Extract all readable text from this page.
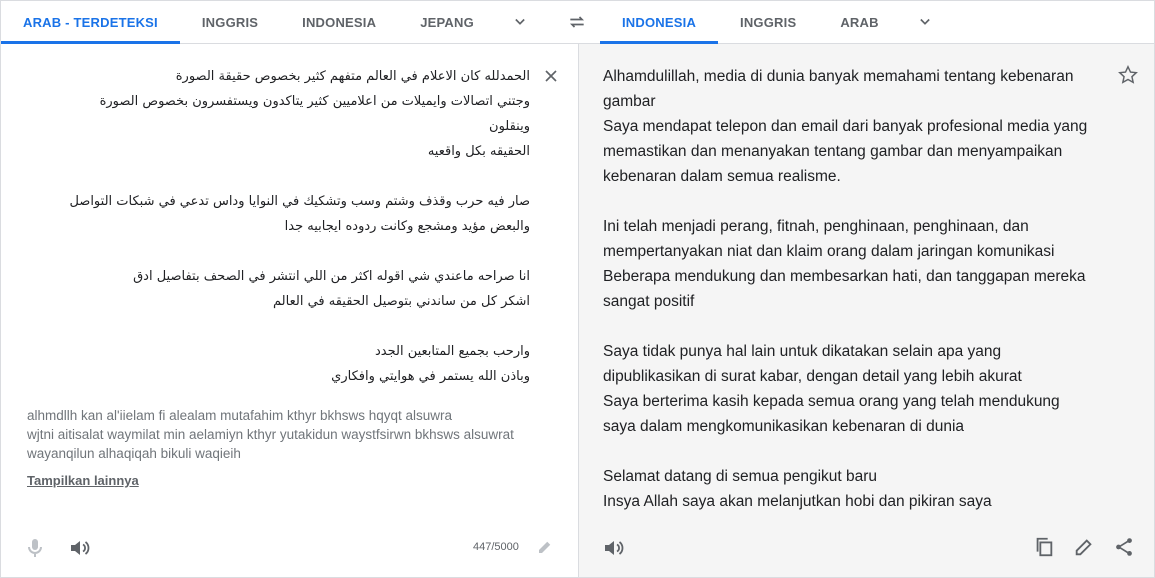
ARAB - TERDETEKSI	INGGRIS	INDONESIA	JEPANG	INDONESIA	INGGRIS	ARAB
الحمدلله كان الاعلام في العالم متفهم كثير بخصوص حقيقة الصورة
وجتني اتصالات وايميلات من اعلاميين كثير يتاكدون ويستفسرون بخصوص الصورة وينقلون
الحقيقه بكل واقعيه

صار فيه حرب وقذف وشتم وسب وتشكيك في النوايا وداس تدعي في شبكات التواصل
والبعض مؤيد ومشجع وكانت ردوده ايجابيه جدا

انا صراحه ماعندي شي اقوله اكثر من اللي انتشر في الصحف بتفاصيل ادق
اشكر كل من ساندني بتوصيل الحقيقه في العالم

وارحب بجميع المتابعين الجدد
وباذن الله يستمر في هوايتي وافكاري
alhmdllh kan al'iielam fi alealam mutafahim kthyr bkhsws hqyqt alsuwra
wjtni aitisalat waymilat min aelamiyn kthyr yutakidun waystfsirwn bkhsws alsuwrat
wayanqilun alhaqiqah bikuli waqieih
Tampilkan lainnya
447/5000
Alhamdulillah, media di dunia banyak memahami tentang kebenaran gambar
Saya mendapat telepon dan email dari banyak profesional media yang memastikan dan menanyakan tentang gambar dan menyampaikan kebenaran dalam semua realisme.

Ini telah menjadi perang, fitnah, penghinaan, penghinaan, dan mempertanyakan niat dan klaim orang dalam jaringan komunikasi
Beberapa mendukung dan membesarkan hati, dan tanggapan mereka sangat positif

Saya tidak punya hal lain untuk dikatakan selain apa yang dipublikasikan di surat kabar, dengan detail yang lebih akurat
Saya berterima kasih kepada semua orang yang telah mendukung saya dalam mengkomunikasikan kebenaran di dunia

Selamat datang di semua pengikut baru
Insya Allah saya akan melanjutkan hobi dan pikiran saya
